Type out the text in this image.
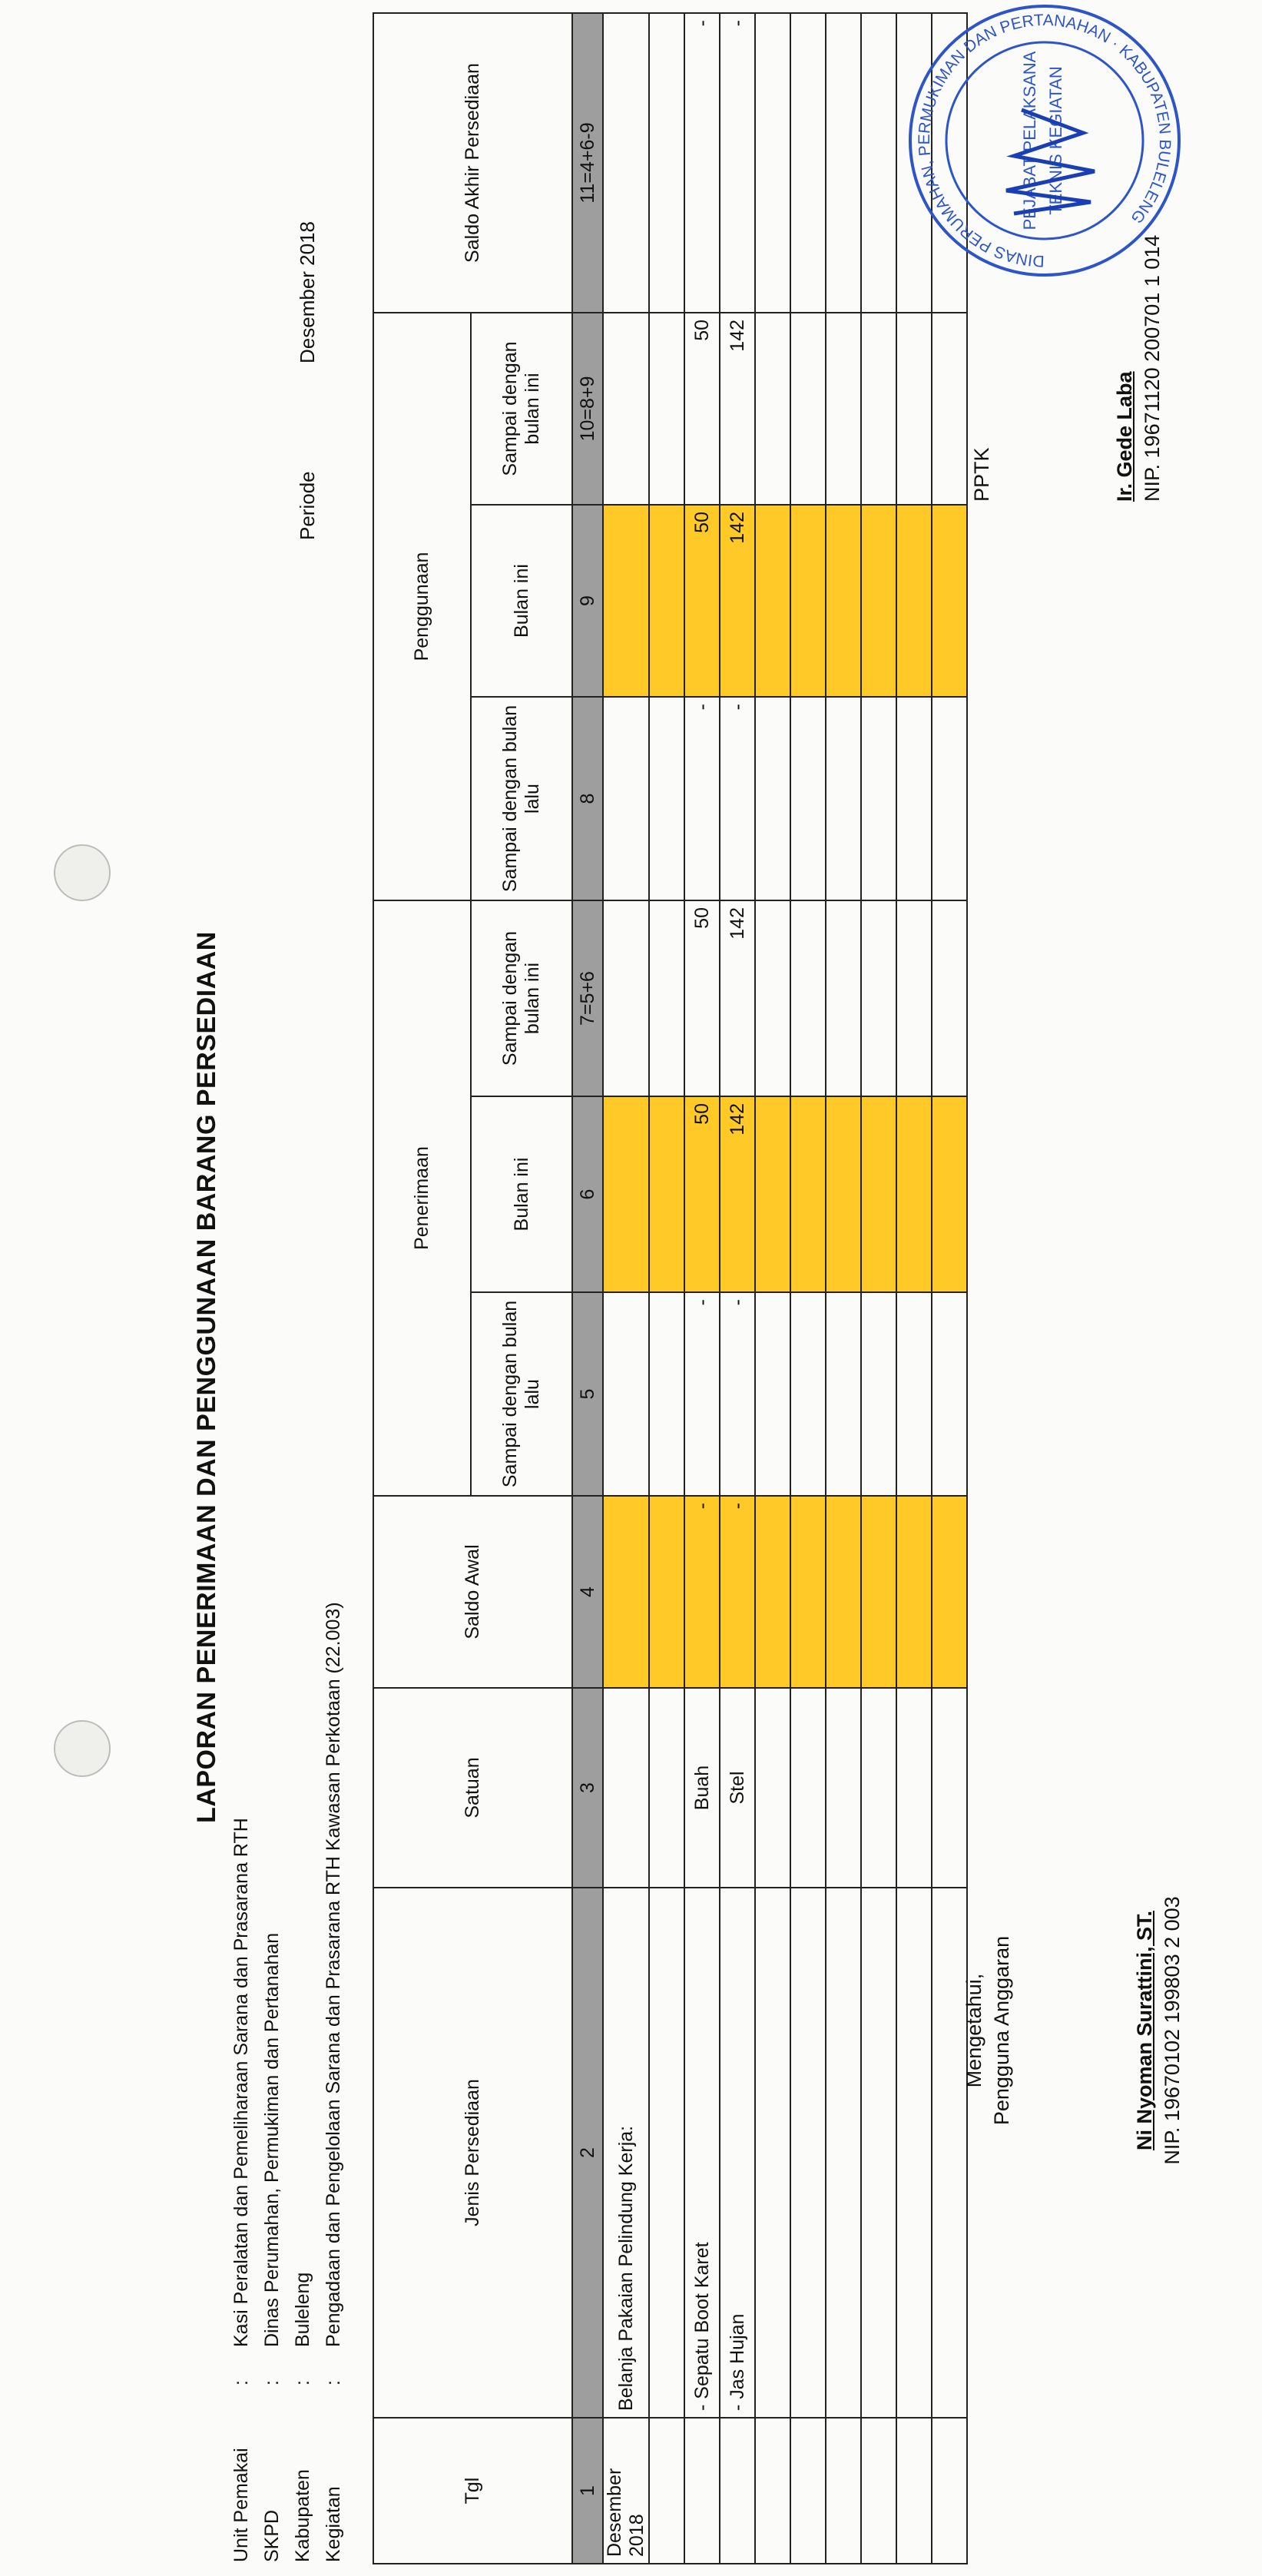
LAPORAN PENERIMAAN DAN PENGGUNAAN BARANG PERSEDIAAN
Unit Pemakai:Kasi Peralatan dan Pemeliharaan Sarana dan Prasarana RTH
SKPD:Dinas Perumahan, Permukiman dan Pertanahan
Kabupaten:Buleleng
Kegiatan:Pengadaan dan Pengelolaan Sarana dan Prasarana RTH Kawasan Perkotaan (22.003)
PeriodeDesember 2018
Tgl	Jenis Persediaan	Satuan	Saldo Awal	Penerimaan			Penggunaan			Saldo Akhir Persediaan
				Sampai dengan bulan lalu	Bulan ini	Sampai dengan bulan ini	Sampai dengan bulan lalu	Bulan ini	Sampai dengan bulan ini	
1	2	3	4	5	6	7=5+6	8	9	10=8+9	11=4+6-9
Desember 2018	Belanja Pakaian Pelindung Kerja:									

	- Sepatu Boot Karet	Buah	-	-	50	50	-	50	50	-
	- Jas Hujan	Stel	-	-	142	142	-	142	142	-

Mengetahui, Pengguna Anggaran	Ni Nyoman Surattini, ST. NIP. 19670102 199803 2 003
PPTK	Ir. Gede Laba NIP. 19671120 200701 1 014
DINAS PERUMAHAN, PERMUKIMAN DAN PERTANAHAN · KABUPATEN BULELENG
PEJABAT PELAKSANA TEKNIS KEGIATAN
